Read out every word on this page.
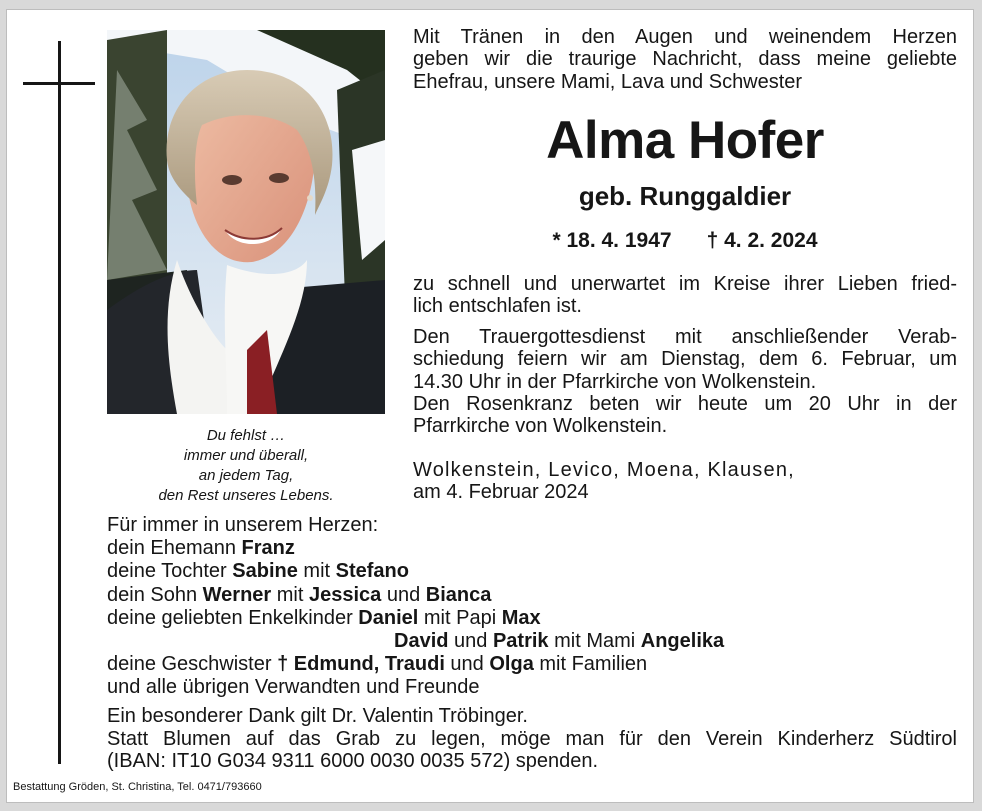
Du fehlst …
immer und überall,
an jedem Tag,
den Rest unseres Lebens.
Mit Tränen in den Augen und weinendem Herzen
geben wir die traurige Nachricht, dass meine geliebte
Ehefrau, unsere Mami, Lava und Schwester
Alma Hofer
geb. Runggaldier
* 18. 4. 1947 † 4. 2. 2024
zu schnell und unerwartet im Kreise ihrer Lieben fried-
lich entschlafen ist.
Den Trauergottesdienst mit anschließender Verab-
schiedung feiern wir am Dienstag, dem 6. Februar, um
14.30 Uhr in der Pfarrkirche von Wolkenstein.
Den Rosenkranz beten wir heute um 20 Uhr in der
Pfarrkirche von Wolkenstein.
Wolkenstein, Levico, Moena, Klausen,
am 4. Februar 2024
Für immer in unserem Herzen:
dein Ehemann Franz
deine Tochter Sabine mit Stefano
dein Sohn Werner mit Jessica und Bianca
deine geliebten Enkelkinder Daniel mit Papi Max
David und Patrik mit Mami Angelika
deine Geschwister † Edmund, Traudi und Olga mit Familien
und alle übrigen Verwandten und Freunde
Ein besonderer Dank gilt Dr. Valentin Tröbinger.
Statt Blumen auf das Grab zu legen, möge man für den Verein Kinderherz Südtirol
(IBAN: IT10 G034 9311 6000 0030 0035 572) spenden.
Bestattung Gröden, St. Christina, Tel. 0471/793660
